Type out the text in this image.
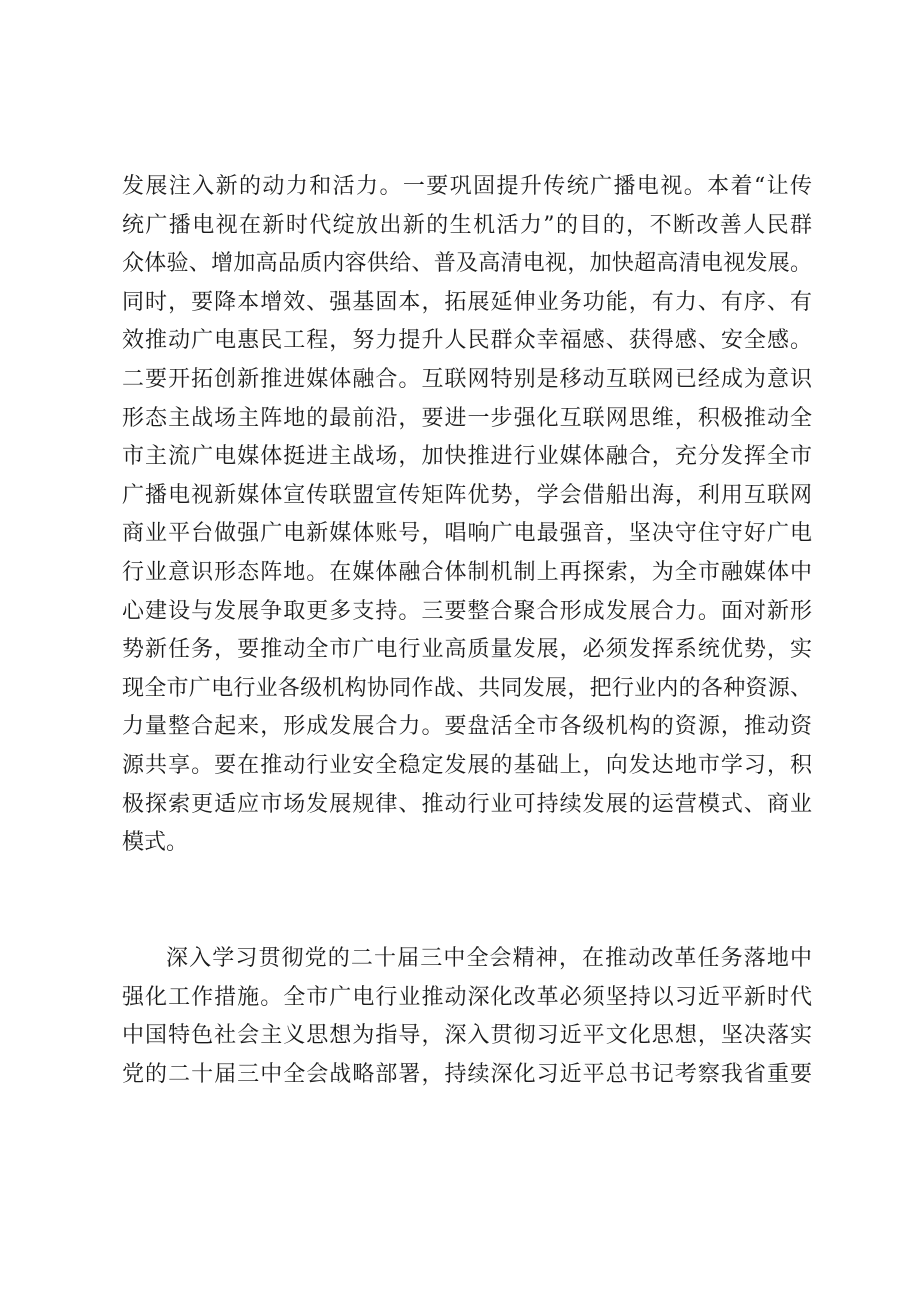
发展注入新的动力和活力。一要巩固提升传统广播电视。本着“让传
统广播电视在新时代绽放出新的生机活力”的目的，不断改善人民群
众体验、增加高品质内容供给、普及高清电视，加快超高清电视发展。
同时，要降本增效、强基固本，拓展延伸业务功能，有力、有序、有
效推动广电惠民工程，努力提升人民群众幸福感、获得感、安全感。
二要开拓创新推进媒体融合。互联网特别是移动互联网已经成为意识
形态主战场主阵地的最前沿，要进一步强化互联网思维，积极推动全
市主流广电媒体挺进主战场，加快推进行业媒体融合，充分发挥全市
广播电视新媒体宣传联盟宣传矩阵优势，学会借船出海，利用互联网
商业平台做强广电新媒体账号，唱响广电最强音，坚决守住守好广电
行业意识形态阵地。在媒体融合体制机制上再探索，为全市融媒体中
心建设与发展争取更多支持。三要整合聚合形成发展合力。面对新形
势新任务，要推动全市广电行业高质量发展，必须发挥系统优势，实
现全市广电行业各级机构协同作战、共同发展，把行业内的各种资源、
力量整合起来，形成发展合力。要盘活全市各级机构的资源，推动资
源共享。要在推动行业安全稳定发展的基础上，向发达地市学习，积
极探索更适应市场发展规律、推动行业可持续发展的运营模式、商业
模式。
深入学习贯彻党的二十届三中全会精神，在推动改革任务落地中
强化工作措施。全市广电行业推动深化改革必须坚持以习近平新时代
中国特色社会主义思想为指导，深入贯彻习近平文化思想，坚决落实
党的二十届三中全会战略部署，持续深化习近平总书记考察我省重要
